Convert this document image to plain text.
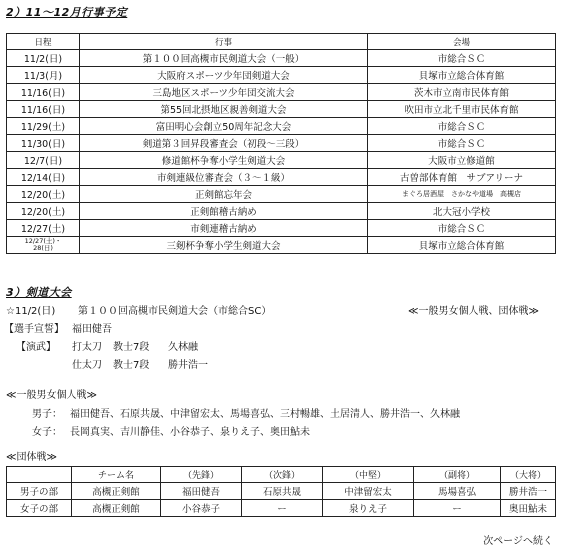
2）11～12月行事予定
日程	行事	会場
11/2(日)	第１００回高槻市民剣道大会（一般）	市総合ＳＣ
11/3(月)	大阪府スポーツ少年団剣道大会	貝塚市立総合体育館
11/16(日)	三島地区スポーツ少年団交流大会	茨木市立南市民体育館
11/16(日)	第55回北摂地区親善剣道大会	吹田市立北千里市民体育館
11/29(土)	富田明心会創立50周年記念大会	市総合ＳＣ
11/30(日)	剣道第３回昇段審査会（初段～三段）	市総合ＳＣ
12/7(日)	修道館杯争奪小学生剣道大会	大阪市立修道館
12/14(日)	市剣連級位審査会（３～１級）	古曽部体育館　サブアリーナ
12/20(土)	正剣館忘年会	まぐろ居酒屋　さかなや道場　高槻店
12/20(土)	正剣館稽古納め	北大冠小学校
12/27(土)	市剣連稽古納め	市総合ＳＣ

12/27(土)・28(日)	三剱杯争奪小学生剣道大会	貝塚市立総合体育館
3）剣道大会
☆11/2(日) 第１００回高槻市民剣道大会（市総合SC）	≪一般男女個人戦、団体戦≫
【選手宣誓】 福田健吾
【演武】 打太刀 教士7段 久林融
仕太刀 教士7段 勝井浩一
≪一般男女個人戦≫
男子： 福田健吾、石原共晟、中津留宏太、馬場喜弘、三村暢雄、土居清人、勝井浩一、久林融
女子： 長岡真実、吉川静佳、小谷恭子、泉りえ子、奥田鮎未
≪団体戦≫
	チーム名	（先鋒）	（次鋒）	（中堅）	（副将）	（大将）
男子の部	高槻正剣館	福田健吾	石原共晟	中津留宏太	馬場喜弘	勝井浩一
女子の部	高槻正剣館	小谷恭子	ー	泉りえ子	ー	奥田鮎未
次ページへ続く
